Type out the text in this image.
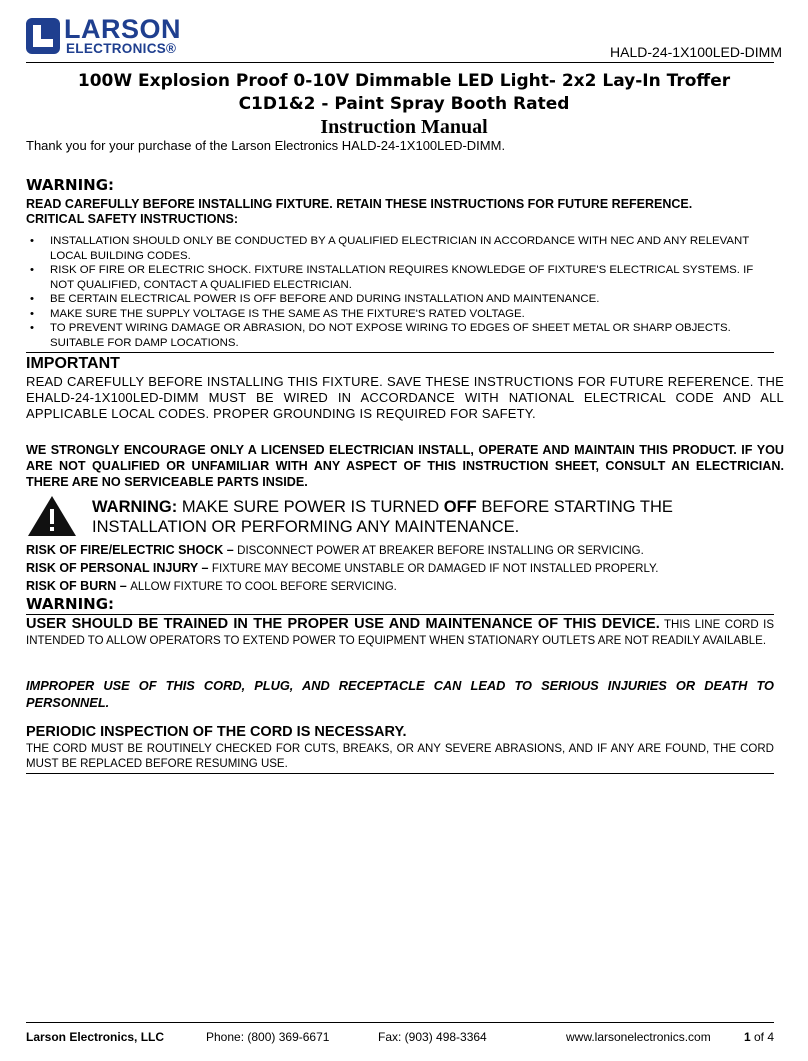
LARSON
ELECTRONICS®	HALD-24-1X100LED-DIMM
100W Explosion Proof 0-10V Dimmable LED Light- 2x2 Lay-In Troffer
C1D1&2 - Paint Spray Booth Rated
Instruction Manual
Thank you for your purchase of the Larson Electronics HALD-24-1X100LED-DIMM.
WARNING:
READ CAREFULLY BEFORE INSTALLING FIXTURE. RETAIN THESE INSTRUCTIONS FOR FUTURE REFERENCE.
CRITICAL SAFETY INSTRUCTIONS:
• INSTALLATION SHOULD ONLY BE CONDUCTED BY A QUALIFIED ELECTRICIAN IN ACCORDANCE WITH NEC AND ANY RELEVANT LOCAL BUILDING CODES.
• RISK OF FIRE OR ELECTRIC SHOCK. FIXTURE INSTALLATION REQUIRES KNOWLEDGE OF FIXTURE'S ELECTRICAL SYSTEMS. IF NOT QUALIFIED, CONTACT A QUALIFIED ELECTRICIAN.
• BE CERTAIN ELECTRICAL POWER IS OFF BEFORE AND DURING INSTALLATION AND MAINTENANCE.
• MAKE SURE THE SUPPLY VOLTAGE IS THE SAME AS THE FIXTURE'S RATED VOLTAGE.
• TO PREVENT WIRING DAMAGE OR ABRASION, DO NOT EXPOSE WIRING TO EDGES OF SHEET METAL OR SHARP OBJECTS. SUITABLE FOR DAMP LOCATIONS.
IMPORTANT
READ CAREFULLY BEFORE INSTALLING THIS FIXTURE. SAVE THESE INSTRUCTIONS FOR FUTURE REFERENCE. THE EHALD-24-1X100LED-DIMM MUST BE WIRED IN ACCORDANCE WITH NATIONAL ELECTRICAL CODE AND ALL APPLICABLE LOCAL CODES. PROPER GROUNDING IS REQUIRED FOR SAFETY.
WE STRONGLY ENCOURAGE ONLY A LICENSED ELECTRICIAN INSTALL, OPERATE AND MAINTAIN THIS PRODUCT. IF YOU ARE NOT QUALIFIED OR UNFAMILIAR WITH ANY ASPECT OF THIS INSTRUCTION SHEET, CONSULT AN ELECTRICIAN. THERE ARE NO SERVICEABLE PARTS INSIDE.
WARNING: MAKE SURE POWER IS TURNED OFF BEFORE STARTING THE
INSTALLATION OR PERFORMING ANY MAINTENANCE.
RISK OF FIRE/ELECTRIC SHOCK – DISCONNECT POWER AT BREAKER BEFORE INSTALLING OR SERVICING.
RISK OF PERSONAL INJURY – FIXTURE MAY BECOME UNSTABLE OR DAMAGED IF NOT INSTALLED PROPERLY.
RISK OF BURN – ALLOW FIXTURE TO COOL BEFORE SERVICING.
WARNING:
USER SHOULD BE TRAINED IN THE PROPER USE AND MAINTENANCE OF THIS DEVICE. THIS LINE CORD IS INTENDED TO ALLOW OPERATORS TO EXTEND POWER TO EQUIPMENT WHEN STATIONARY OUTLETS ARE NOT READILY AVAILABLE.
IMPROPER USE OF THIS CORD, PLUG, AND RECEPTACLE CAN LEAD TO SERIOUS INJURIES OR DEATH TO PERSONNEL.
PERIODIC INSPECTION OF THE CORD IS NECESSARY.
THE CORD MUST BE ROUTINELY CHECKED FOR CUTS, BREAKS, OR ANY SEVERE ABRASIONS, AND IF ANY ARE FOUND, THE CORD MUST BE REPLACED BEFORE RESUMING USE.
Larson Electronics, LLC	Phone: (800) 369-6671	Fax: (903) 498-3364	www.larsonelectronics.com	1 of 4
